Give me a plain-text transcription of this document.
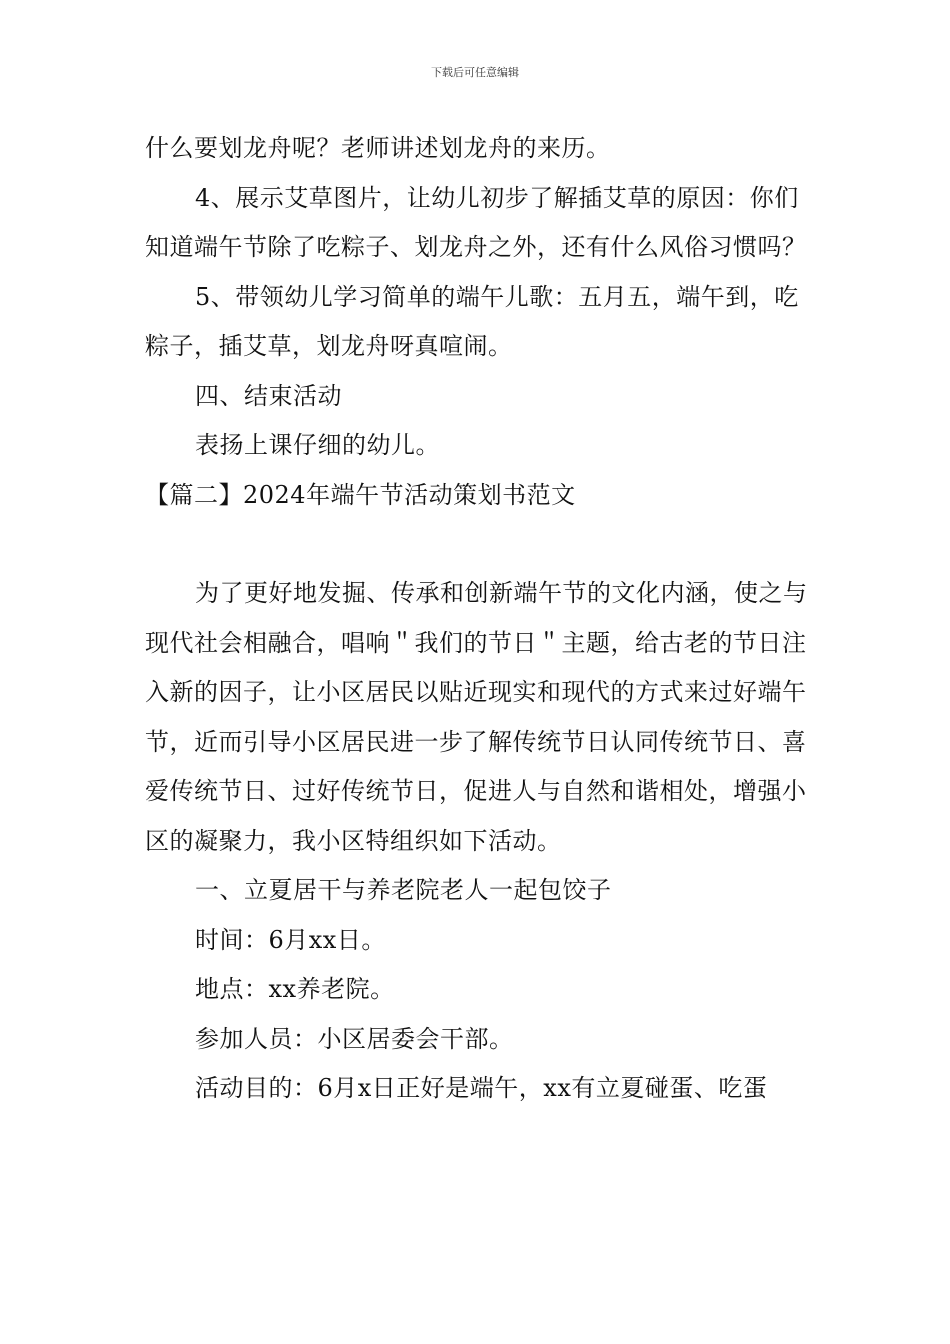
下载后可任意编辑

什么要划龙舟呢？老师讲述划龙舟的来历。

4、展示艾草图片，让幼儿初步了解插艾草的原因：你们知道端午节除了吃粽子、划龙舟之外，还有什么风俗习惯吗？

5、带领幼儿学习简单的端午儿歌：五月五，端午到，吃粽子，插艾草，划龙舟呀真喧闹。

四、结束活动

表扬上课仔细的幼儿。

【篇二】2024年端午节活动策划书范文

为了更好地发掘、传承和创新端午节的文化内涵，使之与现代社会相融合，唱响＂我们的节日＂主题，给古老的节日注入新的因子，让小区居民以贴近现实和现代的方式来过好端午节，近而引导小区居民进一步了解传统节日认同传统节日、喜爱传统节日、过好传统节日，促进人与自然和谐相处，增强小区的凝聚力，我小区特组织如下活动。

一、立夏居干与养老院老人一起包饺子

时间：6月xx日。

地点：xx养老院。

参加人员：小区居委会干部。

活动目的：6月x日正好是端午，xx有立夏碰蛋、吃蛋
